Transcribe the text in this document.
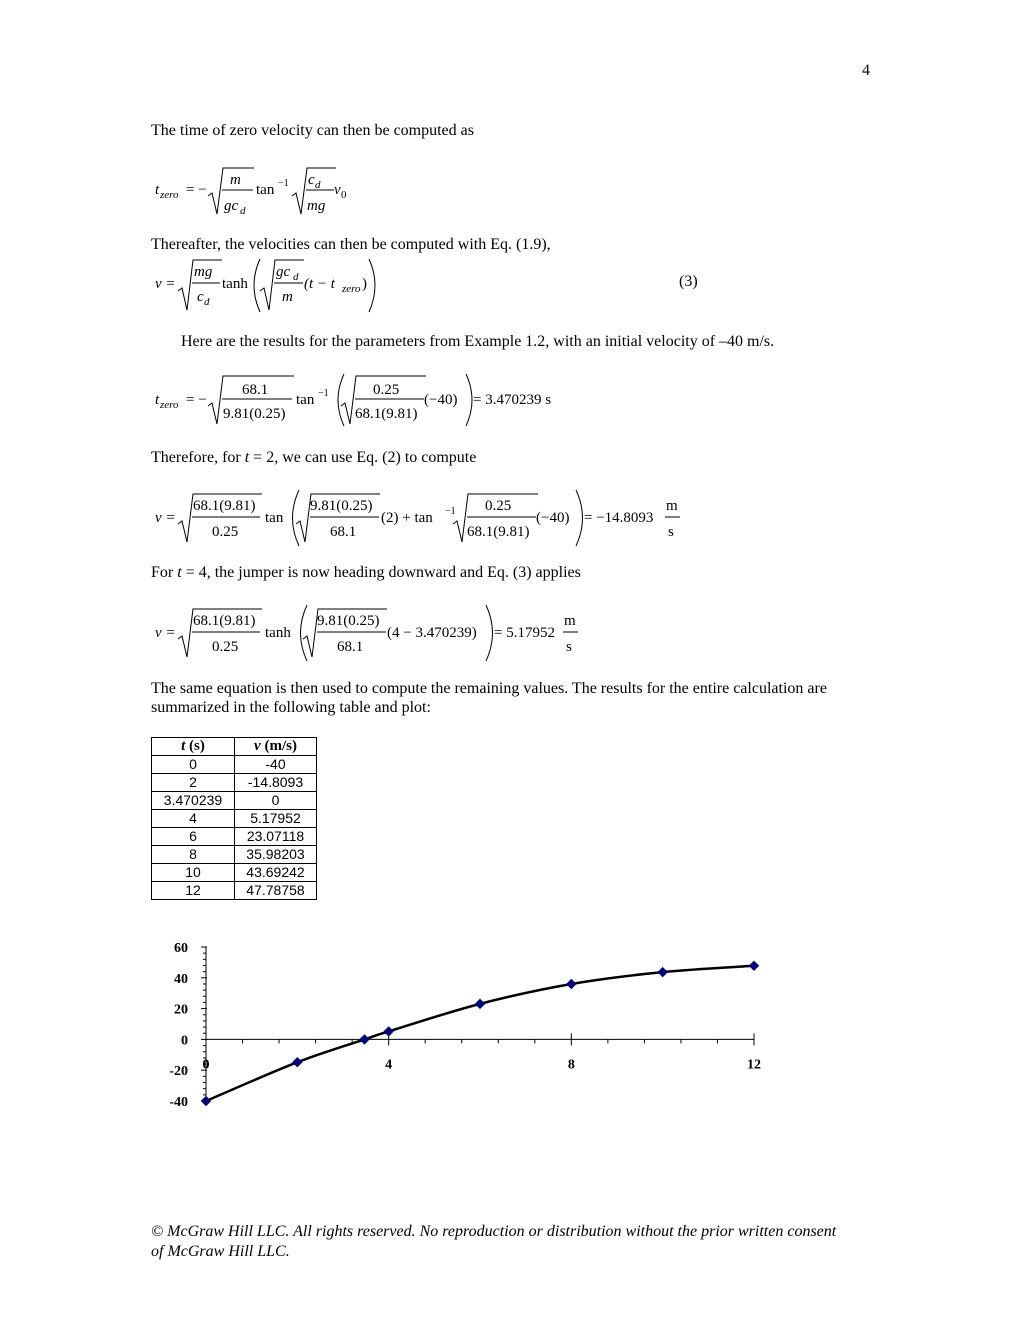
4
The time of zero velocity can then be computed as
t zero = −
m
gc d
tan −1 c d
mg
v 0
Thereafter, the velocities can then be computed with Eq. (1.9),
v =
mg
c d
tanh
gc d
m
(t − t zero )	(3)
Here are the results for the parameters from Example 1.2, with an initial velocity of –40 m/s.
t zero = −
68.1
9.81(0.25)
tan −1	0.25
68.1(9.81)
(−40) = 3.470239 s
Therefore, for t = 2, we can use Eq. (2) to compute
v =
68.1(9.81)
0.25
tan
9.81(0.25)
68.1
(2) + tan −1 0.25
68.1(9.81)
(−40) = −14.8093
m
s
For t = 4, the jumper is now heading downward and Eq. (3) applies
v =
68.1(9.81)
0.25
tanh
9.81(0.25)
68.1
(4 − 3.470239) = 5.17952
m
s
The same equation is then used to compute the remaining values. The results for the entire calculation are
summarized in the following table and plot:
t (s)	v (m/s)
0	-40
2	-14.8093
3.470239	0
4	5.17952
6	23.07118
8	35.98203
10	43.69242
12	47.78758
60
40
20
0
-20
-40
0	4	8	12
© McGraw Hill LLC. All rights reserved. No reproduction or distribution without the prior written consent
of McGraw Hill LLC.
